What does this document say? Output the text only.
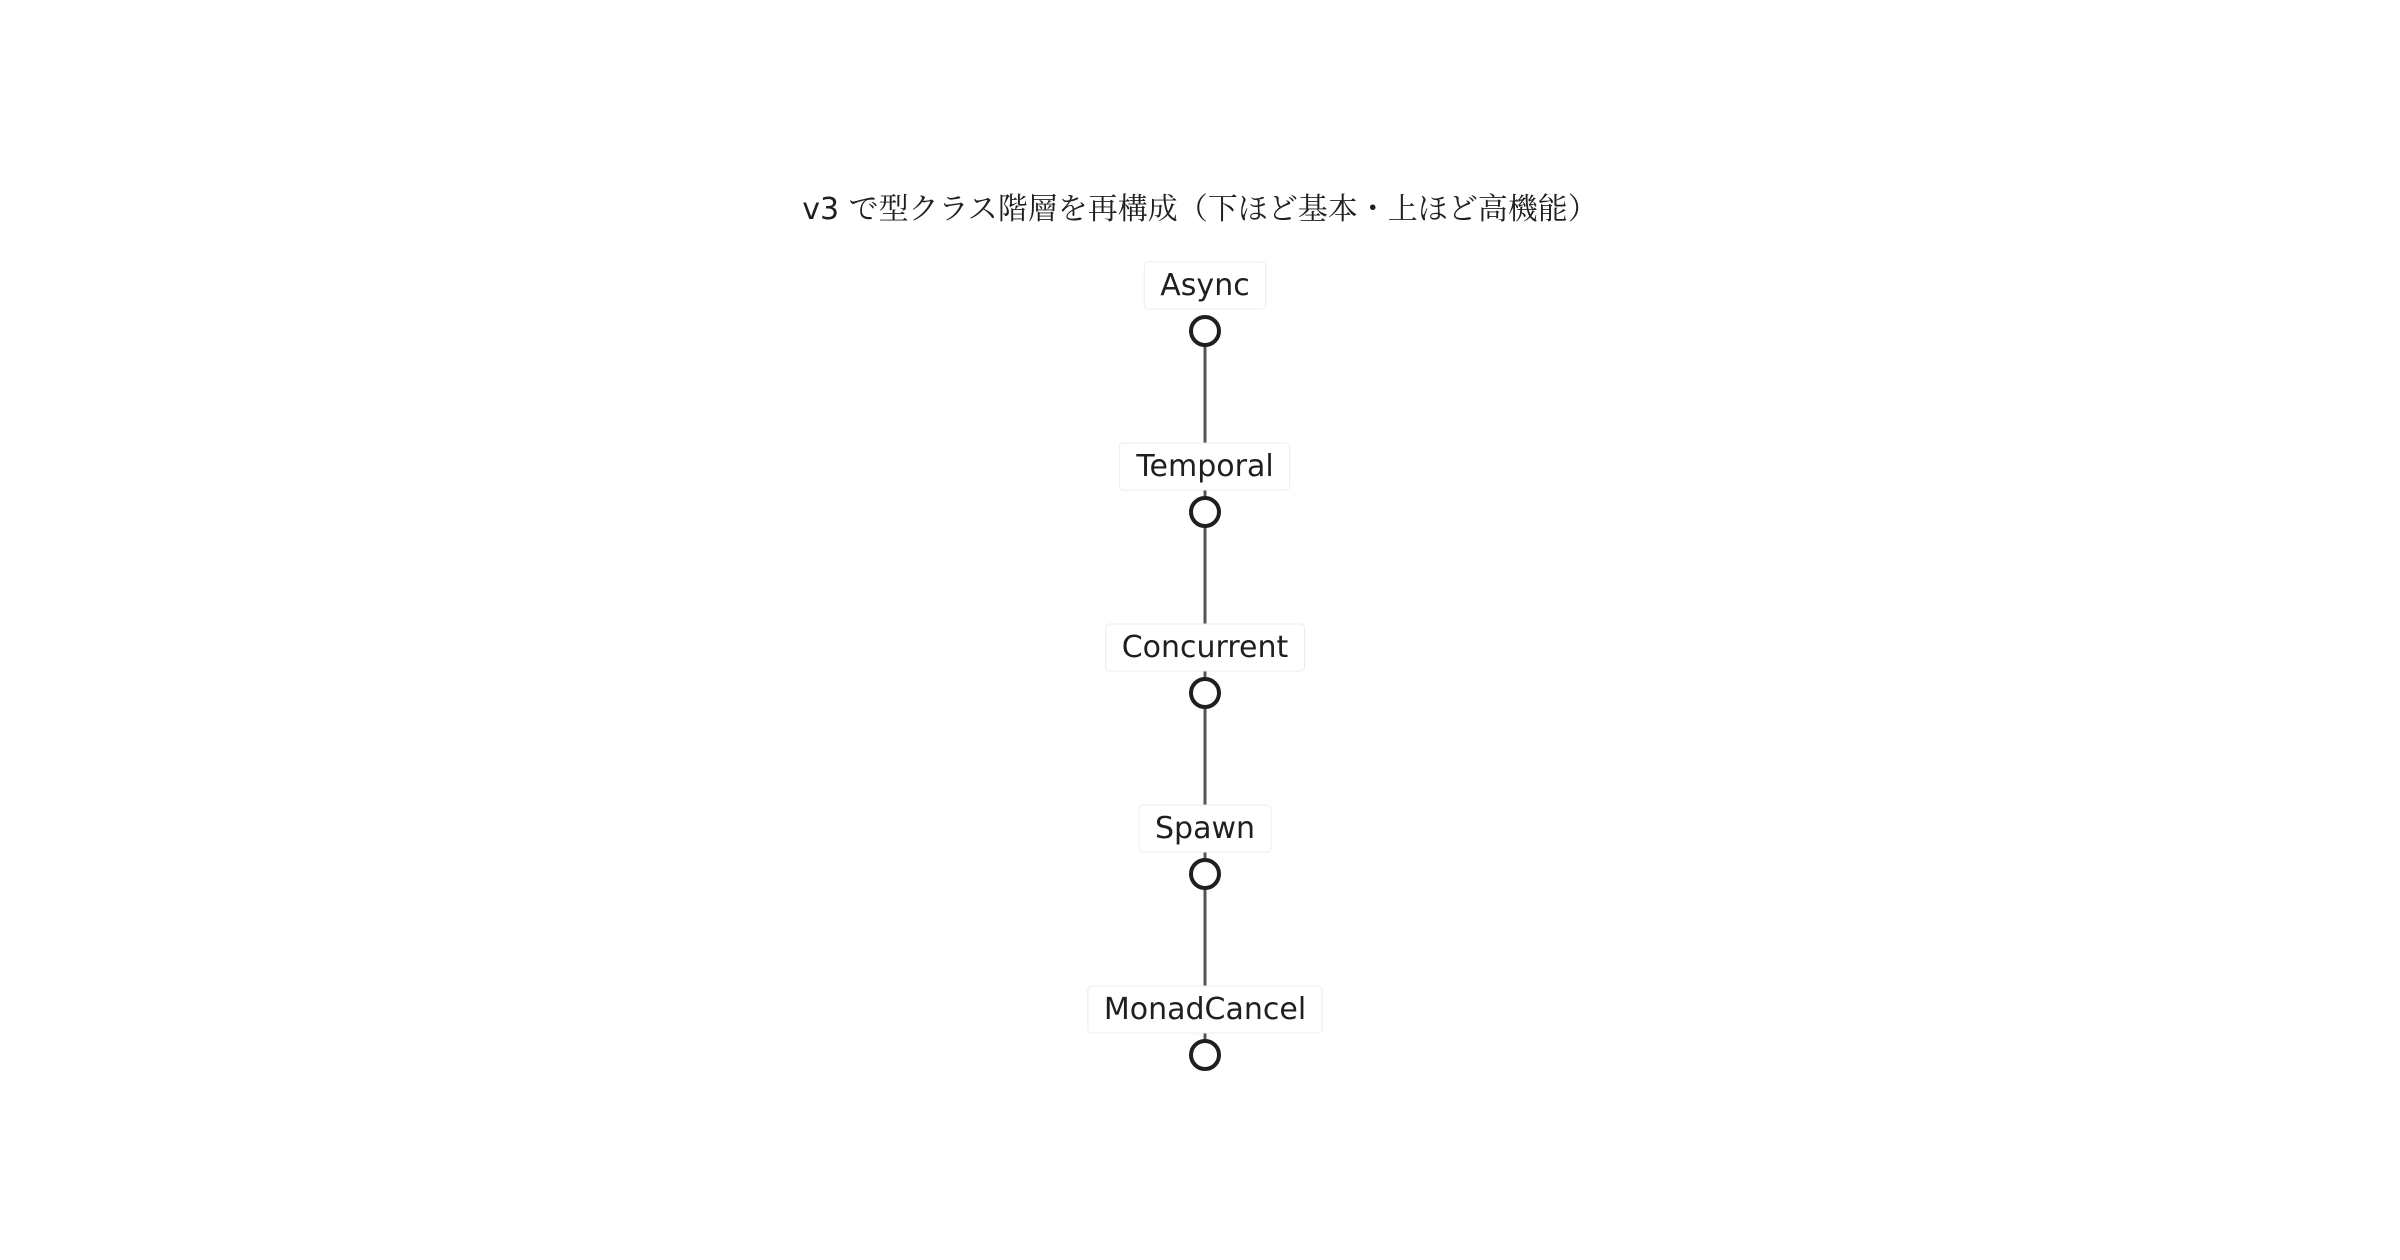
v3 で型クラス階層を再構成（下ほど基本・上ほど高機能）
Async
Temporal
Concurrent
Spawn
MonadCancel
